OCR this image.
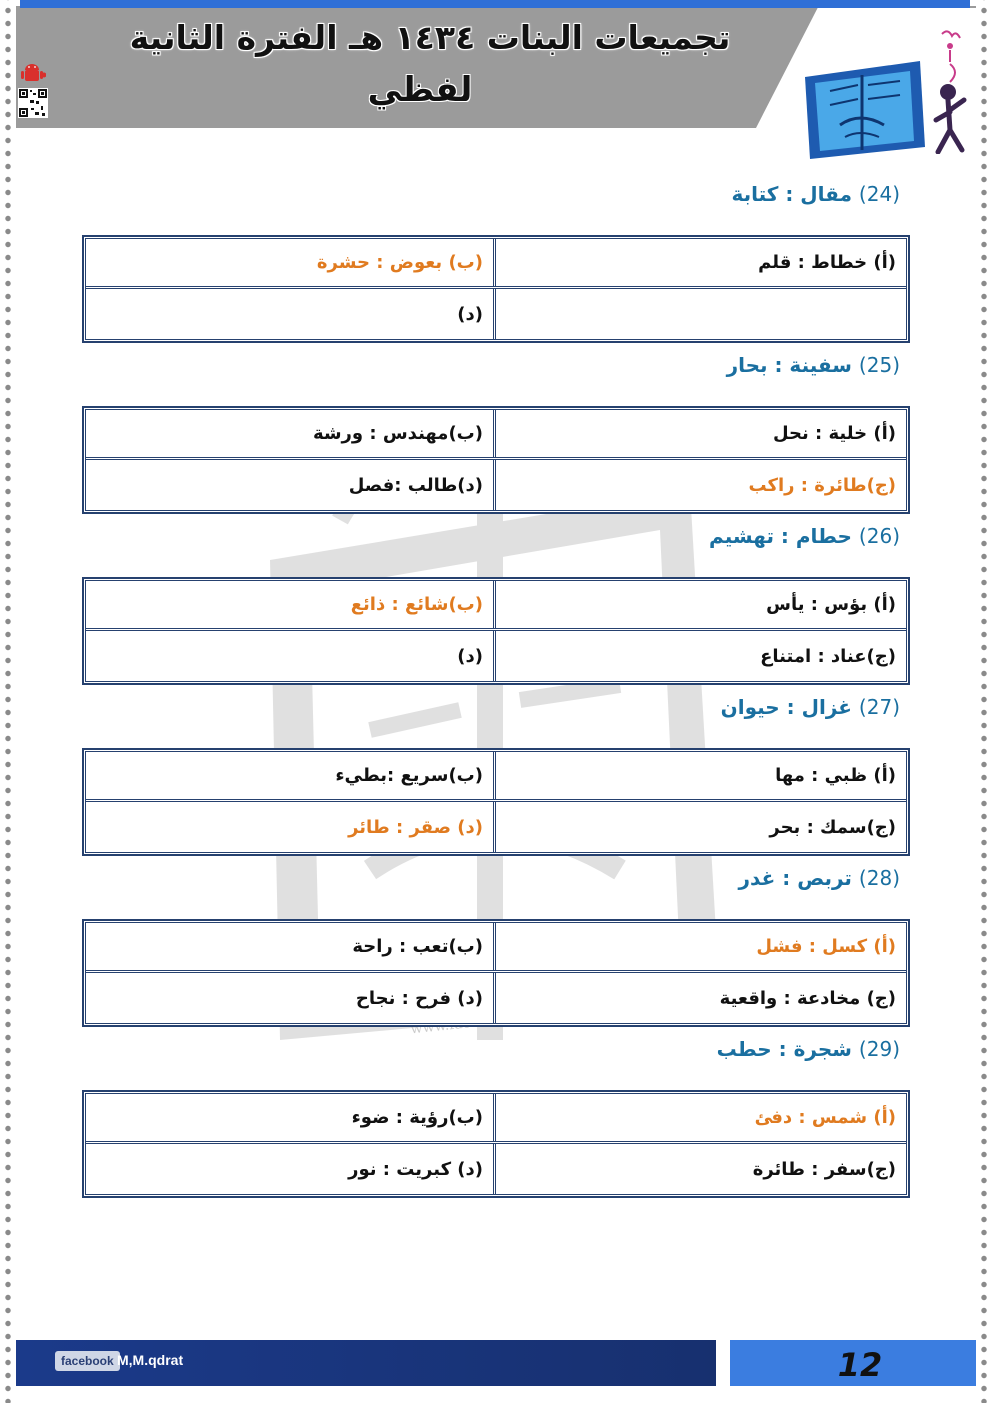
تجميعات البنات ١٤٣٤ هـ الفترة الثانية
لفظي
(24) مقال : كتابة
(أ) خطاط : قلم
(ب) بعوض : حشرة
(د)
(25) سفينة : بحار
(أ) خلية : نحل
(ب)مهندس : ورشة
(ج)طائرة : راكب
(د)طالب :فصل
(26) حطام : تهشيم
(أ) بؤس : يأس
(ب)شائع : ذائع
(ج)عناد : امتناع
(د)
(27) غزال : حيوان
(أ) ظبي : مها
(ب)سريع :بطيء
(ج)سمك : بحر
(د) صقر : طائر
(28) تربص : غدر
(أ) كسل : فشل
(ب)تعب : راحة
(ج) مخادعة : واقعية
(د) فرح : نجاح
(29) شجرة : حطب
(أ) شمس : دفئ
(ب)رؤية : ضوء
(ج)سفر : طائرة
(د) كبريت : نور
facebook M,M.qdrat	12
